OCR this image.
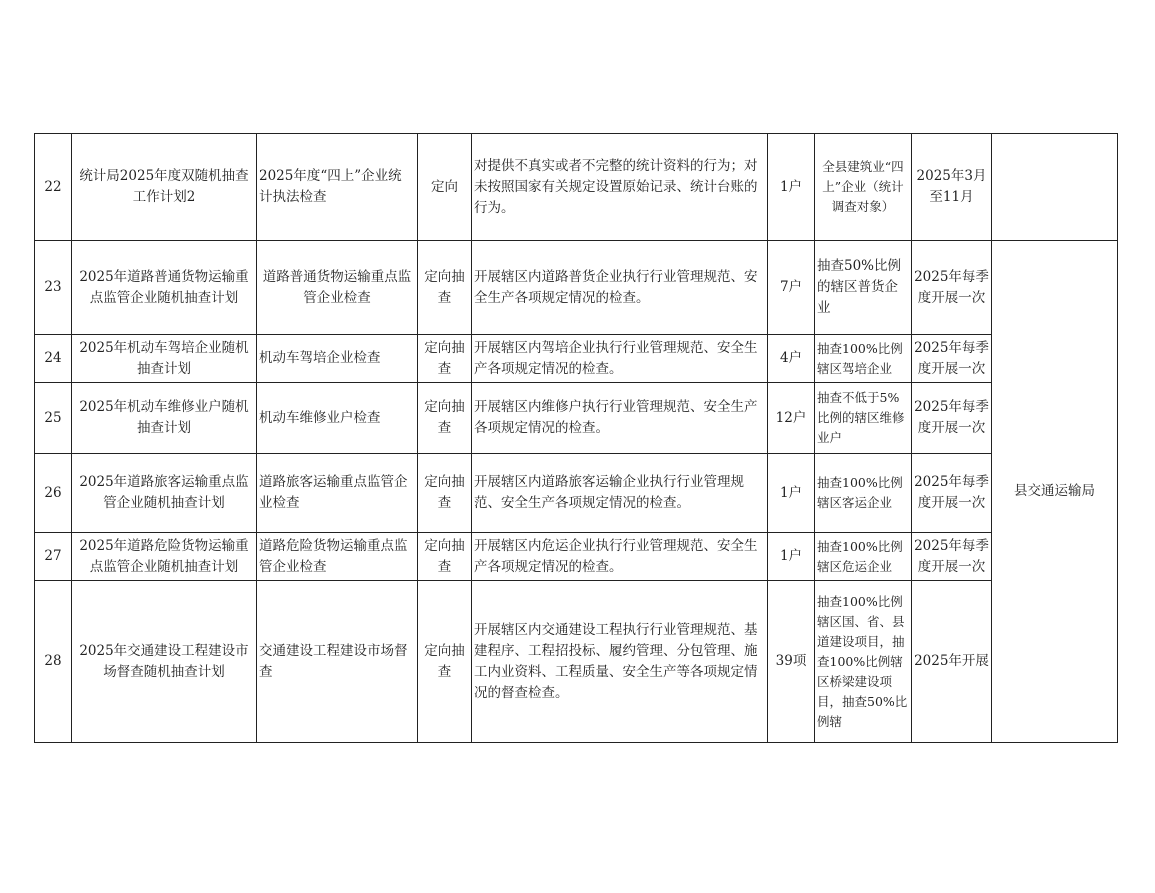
22	统计局2025年度双随机抽查工作计划2	2025年度“四上”企业统计执法检查	定向	对提供不真实或者不完整的统计资料的行为；对未按照国家有关规定设置原始记录、统计台账的行为。	1户	全县建筑业“四上”企业（统计调查对象）	2025年3月至11月	
23	2025年道路普通货物运输重点监管企业随机抽查计划	道路普通货物运输重点监管企业检查	定向抽查	开展辖区内道路普货企业执行行业管理规范、安全生产各项规定情况的检查。	7户	抽查50%比例的辖区普货企业	2025年每季度开展一次	县交通运输局
24	2025年机动车驾培企业随机抽查计划	机动车驾培企业检查	定向抽查	开展辖区内驾培企业执行行业管理规范、安全生产各项规定情况的检查。	4户	抽查100%比例辖区驾培企业	2025年每季度开展一次	
25	2025年机动车维修业户随机抽查计划	机动车维修业户检查	定向抽查	开展辖区内维修户执行行业管理规范、安全生产各项规定情况的检查。	12户	抽查不低于5%比例的辖区维修业户	2025年每季度开展一次	
26	2025年道路旅客运输重点监管企业随机抽查计划	道路旅客运输重点监管企业检查	定向抽查	开展辖区内道路旅客运输企业执行行业管理规范、安全生产各项规定情况的检查。	1户	抽查100%比例辖区客运企业	2025年每季度开展一次	
27	2025年道路危险货物运输重点监管企业随机抽查计划	道路危险货物运输重点监管企业检查	定向抽查	开展辖区内危运企业执行行业管理规范、安全生产各项规定情况的检查。	1户	抽查100%比例辖区危运企业	2025年每季度开展一次	
28	2025年交通建设工程建设市场督查随机抽查计划	交通建设工程建设市场督查	定向抽查	开展辖区内交通建设工程执行行业管理规范、基建程序、工程招投标、履约管理、分包管理、施工内业资料、工程质量、安全生产等各项规定情况的督查检查。	39项	抽查100%比例辖区国、省、县道建设项目，抽查100%比例辖区桥梁建设项目，抽查50%比例辖	2025年开展	
